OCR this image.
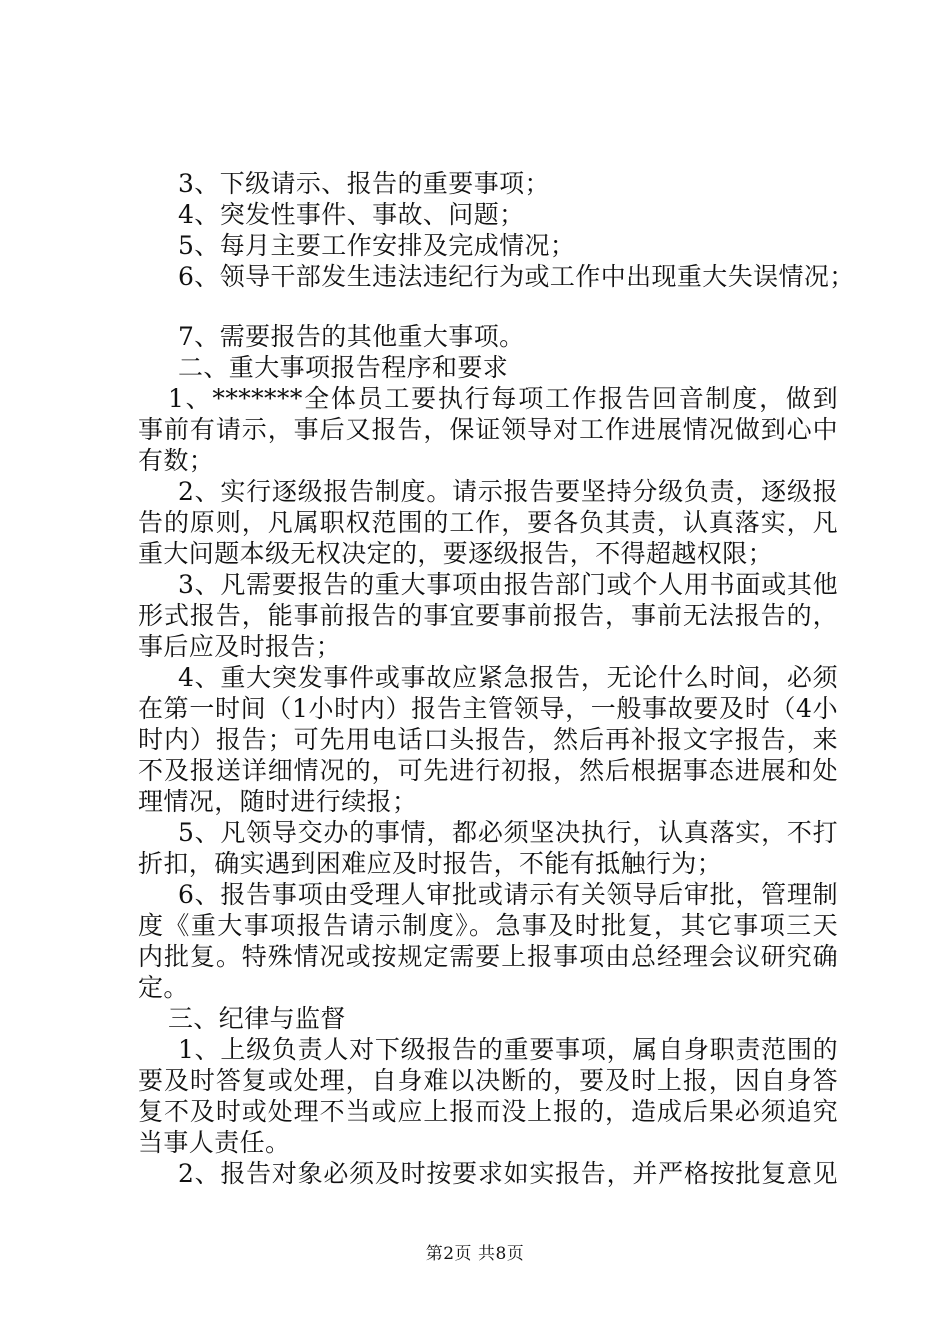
3、下级请示、报告的重要事项；
4、突发性事件、事故、问题；
5、每月主要工作安排及完成情况；
6、领导干部发生违法违纪行为或工作中出现重大失误情况；
7、需要报告的其他重大事项。
二、重大事项报告程序和要求
1、*******全体员工要执行每项工作报告回音制度，做到
事前有请示，事后又报告，保证领导对工作进展情况做到心中
有数；
2、实行逐级报告制度。请示报告要坚持分级负责，逐级报
告的原则，凡属职权范围的工作，要各负其责，认真落实，凡
重大问题本级无权决定的，要逐级报告，不得超越权限；
3、凡需要报告的重大事项由报告部门或个人用书面或其他
形式报告，能事前报告的事宜要事前报告，事前无法报告的，
事后应及时报告；
4、重大突发事件或事故应紧急报告，无论什么时间，必须
在第一时间（1小时内）报告主管领导，一般事故要及时（4小
时内）报告；可先用电话口头报告，然后再补报文字报告，来
不及报送详细情况的，可先进行初报，然后根据事态进展和处
理情况，随时进行续报；
5、凡领导交办的事情，都必须坚决执行，认真落实，不打
折扣，确实遇到困难应及时报告，不能有抵触行为；
6、报告事项由受理人审批或请示有关领导后审批，管理制
度《重大事项报告请示制度》。急事及时批复，其它事项三天
内批复。特殊情况或按规定需要上报事项由总经理会议研究确
定。
三、纪律与监督
1、上级负责人对下级报告的重要事项，属自身职责范围的
要及时答复或处理，自身难以决断的，要及时上报，因自身答
复不及时或处理不当或应上报而没上报的，造成后果必须追究
当事人责任。
2、报告对象必须及时按要求如实报告，并严格按批复意见
第2页 共8页
